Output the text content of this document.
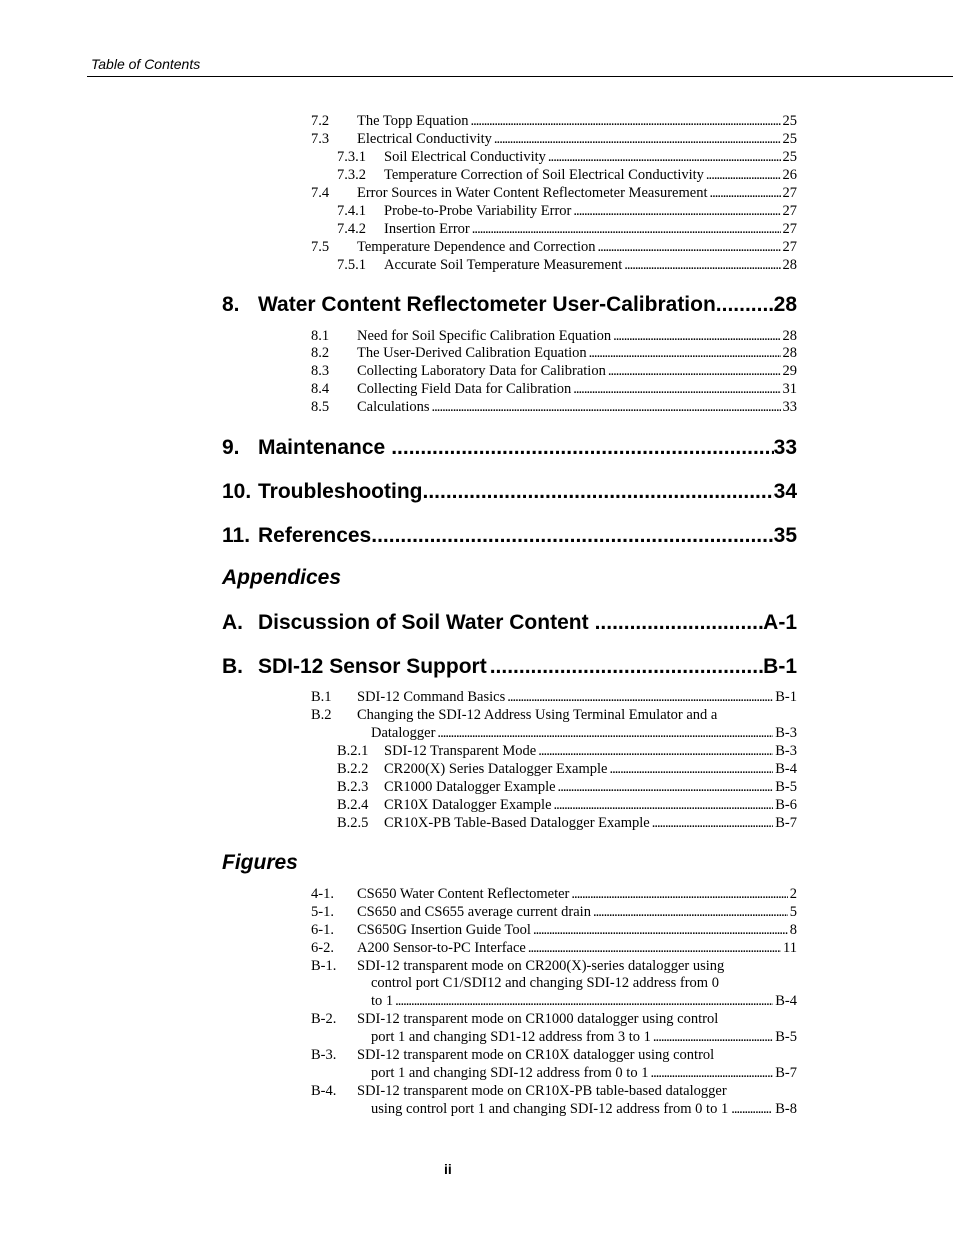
Table of Contents
7.2	The Topp Equation . . .	25
7.3	Electrical Conductivity . . .	25
7.3.1	Soil Electrical Conductivity . . .	25
7.3.2	Temperature Correction of Soil Electrical Conductivity . . .	26
7.4	Error Sources in Water Content Reflectometer Measurement . . .	27
7.4.1	Probe-to-Probe Variability Error . . .	27
7.4.2	Insertion Error . . .	27
7.5	Temperature Dependence and Correction . . .	27
7.5.1	Accurate Soil Temperature Measurement . . .	28
8. Water Content Reflectometer User-Calibration .....	28
8.1	Need for Soil Specific Calibration Equation . . .	28
8.2	The User-Derived Calibration Equation . . .	28
8.3	Collecting Laboratory Data for Calibration . . .	29
8.4	Collecting Field Data for Calibration . . .	31
8.5	Calculations . . .	33
9. Maintenance .....	33
10. Troubleshooting .....	34
11. References .....	35
Appendices
A. Discussion of Soil Water Content .....	A-1
B. SDI-12 Sensor Support .....	B-1
B.1	SDI-12 Command Basics . . .	B-1
B.2 Changing the SDI-12 Address Using Terminal Emulator and a
Datalogger . . .	B-3
B.2.1	SDI-12 Transparent Mode . . .	B-3
B.2.2	CR200(X) Series Datalogger Example . . .	B-4
B.2.3	CR1000 Datalogger Example . . .	B-5
B.2.4	CR10X Datalogger Example . . .	B-6
B.2.5	CR10X-PB Table-Based Datalogger Example . . .	B-7
Figures
4-1.	CS650 Water Content Reflectometer . . .	2
5-1.	CS650 and CS655 average current drain . . .	5
6-1.	CS650G Insertion Guide Tool . . .	8
6-2.	A200 Sensor-to-PC Interface . . .	11
B-1. SDI-12 transparent mode on CR200(X)-series datalogger using
control port C1/SDI12 and changing SDI-12 address from 0
to 1 . . .	B-4
B-2. SDI-12 transparent mode on CR1000 datalogger using control
port 1 and changing SD1-12 address from 3 to 1 . . .	B-5
B-3. SDI-12 transparent mode on CR10X datalogger using control
port 1 and changing SDI-12 address from 0 to 1 . . .	B-7
B-4. SDI-12 transparent mode on CR10X-PB table-based datalogger
using control port 1 and changing SDI-12 address from 0 to 1 . . .	B-8
ii
